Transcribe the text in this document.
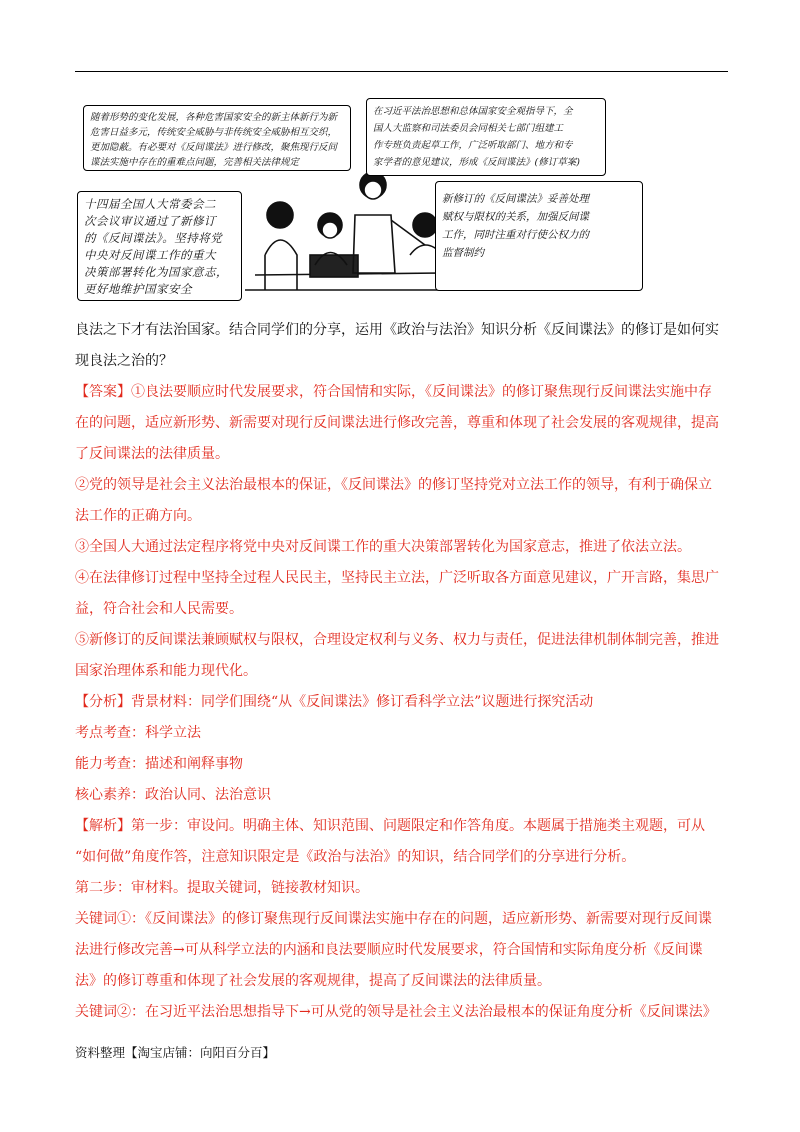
随着形势的变化发展，各种危害国家安全的新主体新行为新
危害日益多元，传统安全威胁与非传统安全威胁相互交织，
更加隐蔽。有必要对《反间谍法》进行修改，聚焦现行反间
谍法实施中存在的重难点问题，完善相关法律规定
在习近平法治思想和总体国家安全观指导下，全
国人大监察和司法委员会同相关七部门组建工
作专班负责起草工作，广泛听取部门、地方和专
家学者的意见建议，形成《反间谍法》(修订草案)
十四届全国人大常委会二
次会议审议通过了新修订
的《反间谍法》。坚持将党
中央对反间谍工作的重大
决策部署转化为国家意志，
更好地维护国家安全
新修订的《反间谍法》妥善处理
赋权与限权的关系，加强反间谍
工作，同时注重对行使公权力的
监督制约
良法之下才有法治国家。结合同学们的分享，运用《政治与法治》知识分析《反间谍法》的修订是如何实
现良法之治的？
【答案】①良法要顺应时代发展要求，符合国情和实际，《反间谍法》的修订聚焦现行反间谍法实施中存
在的问题，适应新形势、新需要对现行反间谍法进行修改完善，尊重和体现了社会发展的客观规律，提高
了反间谍法的法律质量。
②党的领导是社会主义法治最根本的保证，《反间谍法》的修订坚持党对立法工作的领导，有利于确保立
法工作的正确方向。
③全国人大通过法定程序将党中央对反间谍工作的重大决策部署转化为国家意志，推进了依法立法。
④在法律修订过程中坚持全过程人民民主，坚持民主立法，广泛听取各方面意见建议，广开言路，集思广
益，符合社会和人民需要。
⑤新修订的反间谍法兼顾赋权与限权，合理设定权利与义务、权力与责任，促进法律机制体制完善，推进
国家治理体系和能力现代化。
【分析】背景材料：同学们围绕“从《反间谍法》修订看科学立法”议题进行探究活动
考点考查：科学立法
能力考查：描述和阐释事物
核心素养：政治认同、法治意识
【解析】第一步：审设问。明确主体、知识范围、问题限定和作答角度。本题属于措施类主观题，可从
“如何做”角度作答，注意知识限定是《政治与法治》的知识，结合同学们的分享进行分析。
第二步：审材料。提取关键词，链接教材知识。
关键词①：《反间谍法》的修订聚焦现行反间谍法实施中存在的问题，适应新形势、新需要对现行反间谍
法进行修改完善→可从科学立法的内涵和良法要顺应时代发展要求，符合国情和实际角度分析《反间谍
法》的修订尊重和体现了社会发展的客观规律，提高了反间谍法的法律质量。
关键词②：在习近平法治思想指导下→可从党的领导是社会主义法治最根本的保证角度分析《反间谍法》
资料整理【淘宝店铺：向阳百分百】
